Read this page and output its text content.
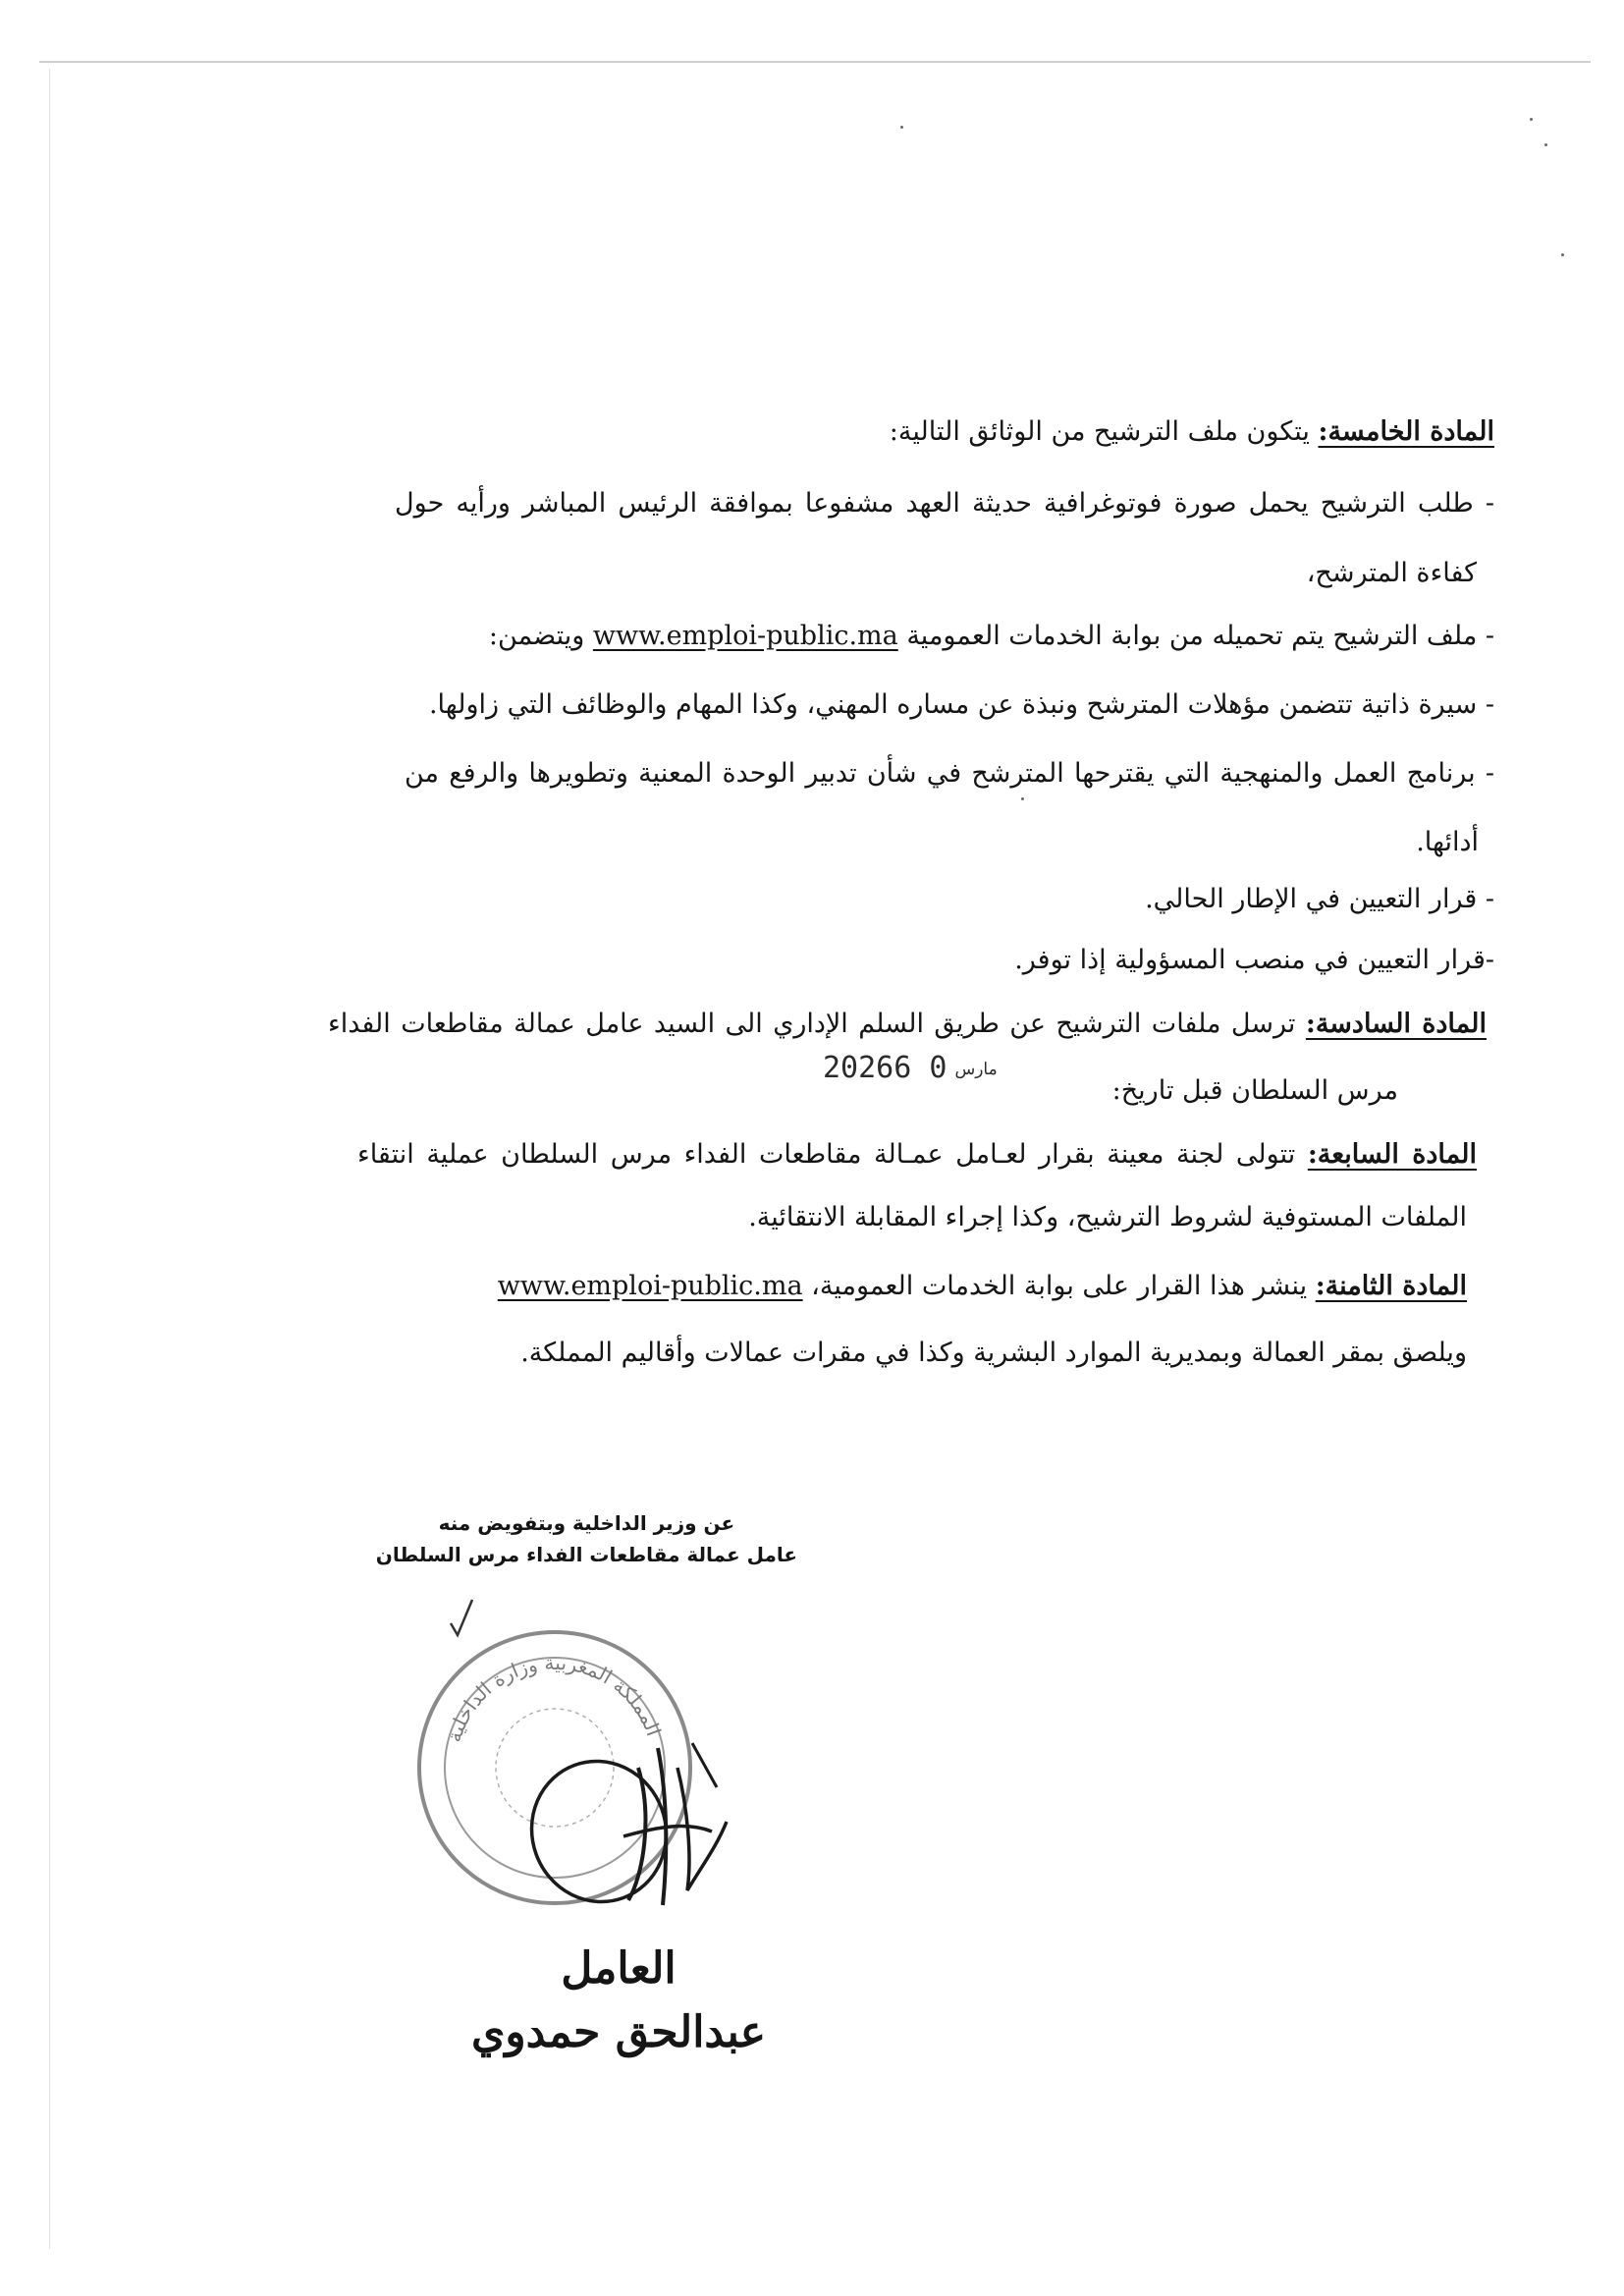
المادة الخامسة: يتكون ملف الترشيح من الوثائق التالية:
- طلب الترشيح يحمل صورة فوتوغرافية حديثة العهد مشفوعا بموافقة الرئيس المباشر ورأيه حول
كفاءة المترشح،
- ملف الترشيح يتم تحميله من بوابة الخدمات العمومية www.emploi-public.ma ويتضمن:
- سيرة ذاتية تتضمن مؤهلات المترشح ونبذة عن مساره المهني، وكذا المهام والوظائف التي زاولها.
- برنامج العمل والمنهجية التي يقترحها المترشح في شأن تدبير الوحدة المعنية وتطويرها والرفع من
أدائها.
- قرار التعيين في الإطار الحالي.
-قرار التعيين في منصب المسؤولية إذا توفر.
المادة السادسة: ترسل ملفات الترشيح عن طريق السلم الإداري الى السيد عامل عمالة مقاطعات الفداء
مرس السلطان قبل تاريخ:
2026	مارس0 6
المادة السابعة: تتولى لجنة معينة بقرار لعـامل عمـالة مقاطعات الفداء مرس السلطان عملية انتقاء
الملفات المستوفية لشروط الترشيح، وكذا إجراء المقابلة الانتقائية.
المادة الثامنة: ينشر هذا القرار على بوابة الخدمات العمومية، www.emploi-public.ma
ويلصق بمقر العمالة وبمديرية الموارد البشرية وكذا في مقرات عمالات وأقاليم المملكة.
عن وزير الداخلية وبتفويض منه
عامل عمالة مقاطعات الفداء مرس السلطان
المملكة المغربية وزارة الداخلية
العامل
عبدالحق حمدوي
